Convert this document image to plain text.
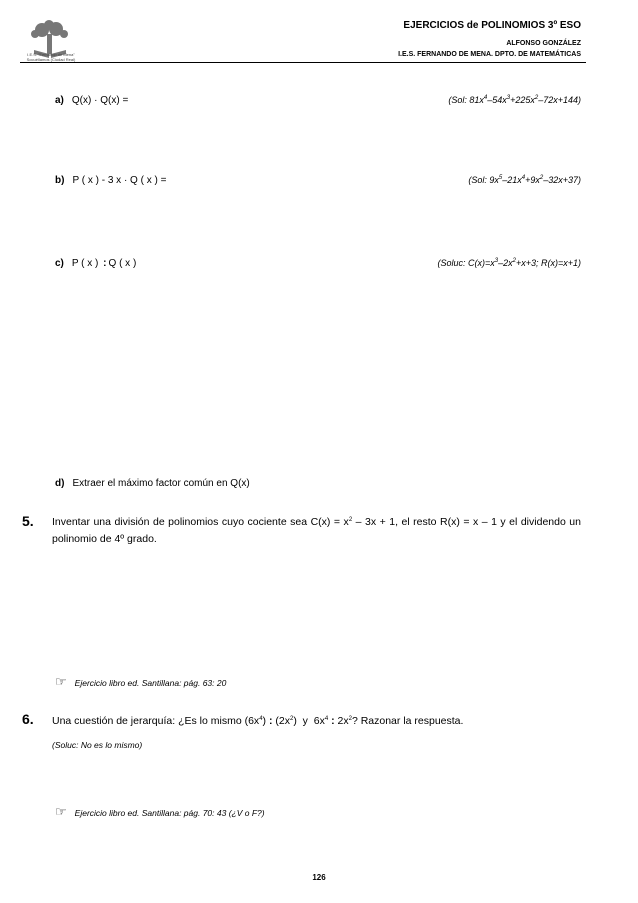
I.E.S. "Fernando de Mena"
Socuéllamos (Ciudad Real)
EJERCICIOS de POLINOMIOS 3º ESO
ALFONSO GONZÁLEZ
I.E.S. FERNANDO DE MENA. DPTO. DE MATEMÁTICAS
a) Q(x) · Q(x) =	(Sol: $81x^4-54x^3+225x^2-72x+144$)
b) P ( x ) - 3 x · Q ( x ) =	(Sol: $9x^5-21x^4+9x^2-32x+37$)
c) P ( x ) : Q ( x )	(Soluc: $C(x)=x^3-2x^2+x+3$; R(x)=x+1)
d) Extraer el máximo factor común en Q(x)
5. Inventar una división de polinomios cuyo cociente sea $C(x) = x^2 - 3x + 1$, el resto R(x) = x – 1 y el dividendo un polinomio de 4º grado.
☞ Ejercicio libro ed. Santillana: pág. 63: 20
6. Una cuestión de jerarquía: ¿Es lo mismo $(6x^4)$ : $(2x^2)$  y  $6x^4$ : $2x^2$? Razonar la respuesta.
(Soluc: No es lo mismo)
☞ Ejercicio libro ed. Santillana: pág. 70: 43 (¿V o F?)
126
